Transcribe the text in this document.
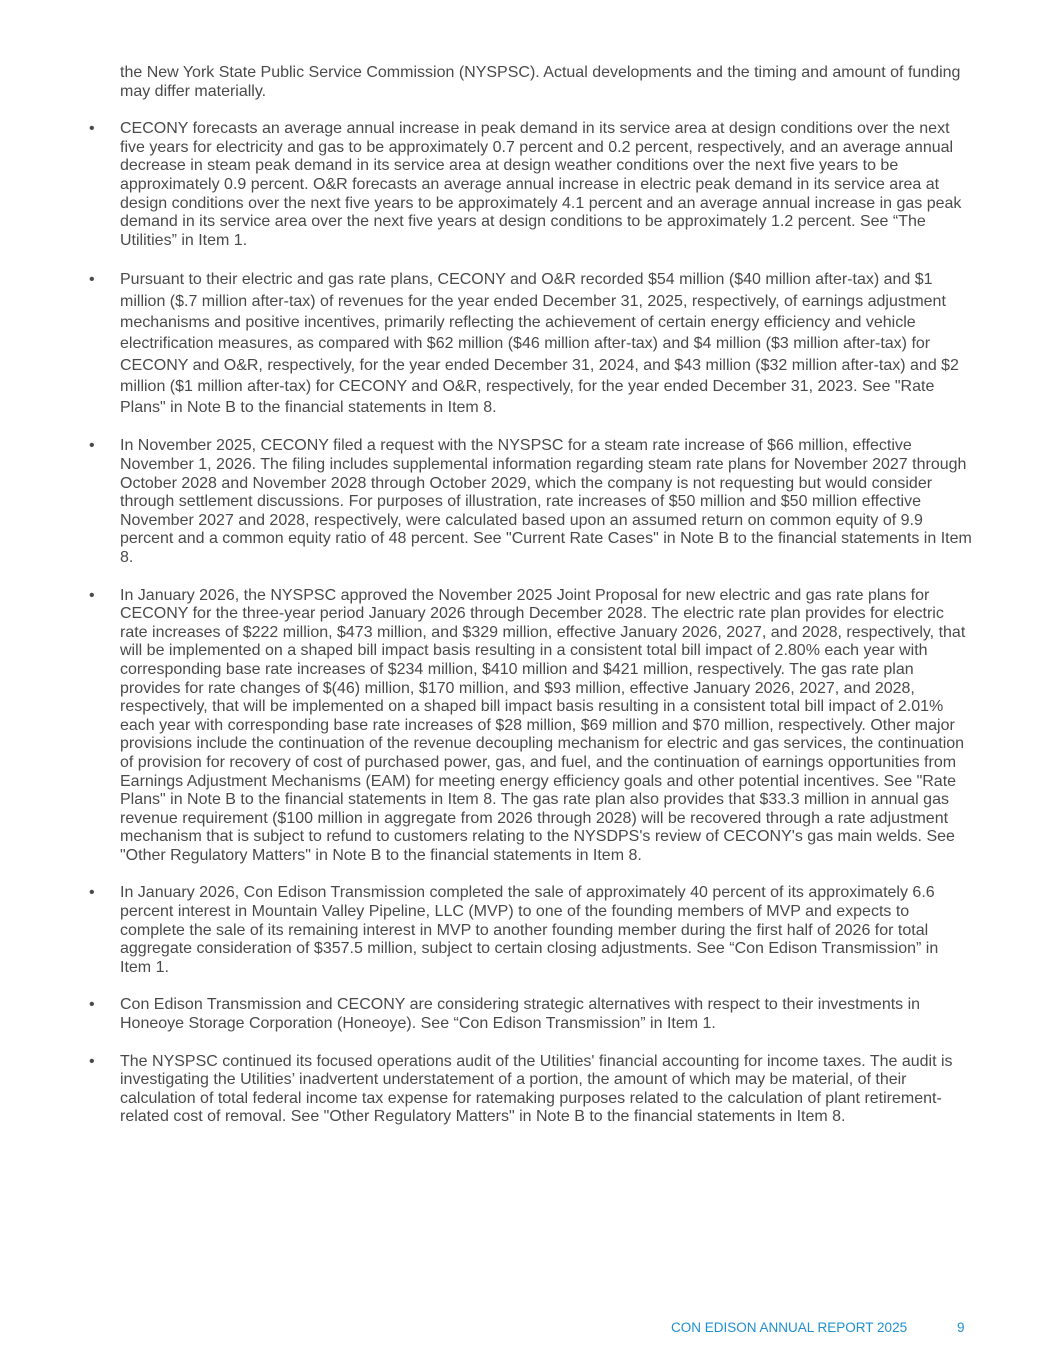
the New York State Public Service Commission (NYSPSC). Actual developments and the timing and amount of funding may differ materially.

• CECONY forecasts an average annual increase in peak demand in its service area at design conditions over the next five years for electricity and gas to be approximately 0.7 percent and 0.2 percent, respectively, and an average annual decrease in steam peak demand in its service area at design weather conditions over the next five years to be approximately 0.9 percent. O&R forecasts an average annual increase in electric peak demand in its service area at design conditions over the next five years to be approximately 4.1 percent and an average annual increase in gas peak demand in its service area over the next five years at design conditions to be approximately 1.2 percent. See “The Utilities” in Item 1.
• Pursuant to their electric and gas rate plans, CECONY and O&R recorded $54 million ($40 million after-tax) and $1 million ($.7 million after-tax) of revenues for the year ended December 31, 2025, respectively, of earnings adjustment mechanisms and positive incentives, primarily reflecting the achievement of certain energy efficiency and vehicle electrification measures, as compared with $62 million ($46 million after-tax) and $4 million ($3 million after-tax) for CECONY and O&R, respectively, for the year ended December 31, 2024, and $43 million ($32 million after-tax) and $2 million ($1 million after-tax) for CECONY and O&R, respectively, for the year ended December 31, 2023. See "Rate Plans" in Note B to the financial statements in Item 8.
• In November 2025, CECONY filed a request with the NYSPSC for a steam rate increase of $66 million, effective November 1, 2026. The filing includes supplemental information regarding steam rate plans for November 2027 through October 2028 and November 2028 through October 2029, which the company is not requesting but would consider through settlement discussions. For purposes of illustration, rate increases of $50 million and $50 million effective November 2027 and 2028, respectively, were calculated based upon an assumed return on common equity of 9.9 percent and a common equity ratio of 48 percent. See "Current Rate Cases" in Note B to the financial statements in Item 8.
• In January 2026, the NYSPSC approved the November 2025 Joint Proposal for new electric and gas rate plans for CECONY for the three-year period January 2026 through December 2028. The electric rate plan provides for electric rate increases of $222 million, $473 million, and $329 million, effective January 2026, 2027, and 2028, respectively, that will be implemented on a shaped bill impact basis resulting in a consistent total bill impact of 2.80% each year with corresponding base rate increases of $234 million, $410 million and $421 million, respectively. The gas rate plan provides for rate changes of $(46) million, $170 million, and $93 million, effective January 2026, 2027, and 2028, respectively, that will be implemented on a shaped bill impact basis resulting in a consistent total bill impact of 2.01% each year with corresponding base rate increases of $28 million, $69 million and $70 million, respectively. Other major provisions include the continuation of the revenue decoupling mechanism for electric and gas services, the continuation of provision for recovery of cost of purchased power, gas, and fuel, and the continuation of earnings opportunities from Earnings Adjustment Mechanisms (EAM) for meeting energy efficiency goals and other potential incentives. See "Rate Plans" in Note B to the financial statements in Item 8. The gas rate plan also provides that $33.3 million in annual gas revenue requirement ($100 million in aggregate from 2026 through 2028) will be recovered through a rate adjustment mechanism that is subject to refund to customers relating to the NYSDPS's review of CECONY's gas main welds. See "Other Regulatory Matters" in Note B to the financial statements in Item 8.
• In January 2026, Con Edison Transmission completed the sale of approximately 40 percent of its approximately 6.6 percent interest in Mountain Valley Pipeline, LLC (MVP) to one of the founding members of MVP and expects to complete the sale of its remaining interest in MVP to another founding member during the first half of 2026 for total aggregate consideration of $357.5 million, subject to certain closing adjustments. See “Con Edison Transmission” in Item 1.
• Con Edison Transmission and CECONY are considering strategic alternatives with respect to their investments in Honeoye Storage Corporation (Honeoye). See “Con Edison Transmission” in Item 1.
• The NYSPSC continued its focused operations audit of the Utilities' financial accounting for income taxes. The audit is investigating the Utilities’ inadvertent understatement of a portion, the amount of which may be material, of their calculation of total federal income tax expense for ratemaking purposes related to the calculation of plant retirement-related cost of removal. See "Other Regulatory Matters" in Note B to the financial statements in Item 8.
CON EDISON ANNUAL REPORT 2025	9
